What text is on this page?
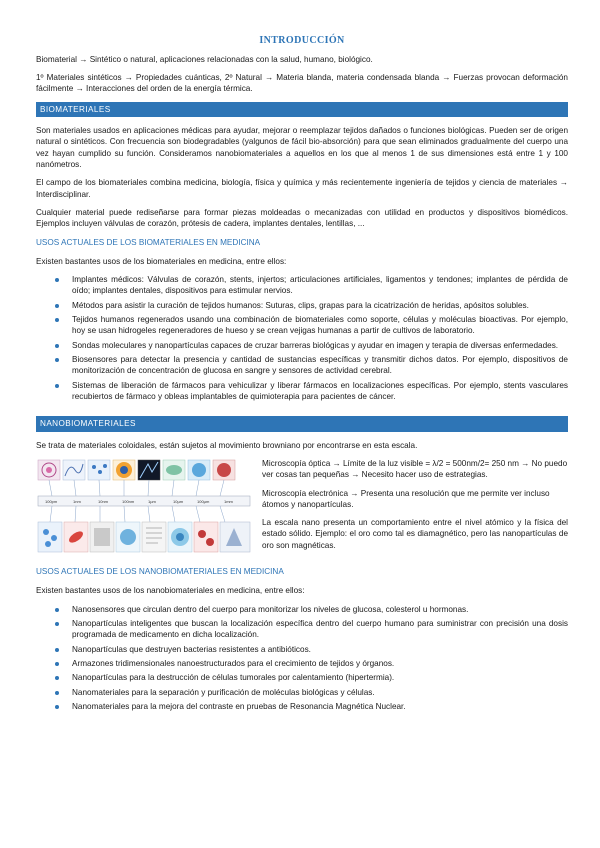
INTRODUCCIÓN

Biomaterial → Sintético o natural, aplicaciones relacionadas con la salud, humano, biológico.

1º Materiales sintéticos → Propiedades cuánticas, 2º Natural → Materia blanda, materia condensada blanda → Fuerzas provocan deformación fácilmente → Interacciones del orden de la energía térmica.

BIOMATERIALES

Son materiales usados en aplicaciones médicas para ayudar, mejorar o reemplazar tejidos dañados o funciones biológicas. Pueden ser de origen natural o sintéticos. Con frecuencia son biodegradables (yalgunos de fácil bio-absorción) para que sean eliminados gradualmente del cuerpo una vez hayan cumplido su función. Consideramos nanobiomateriales a aquellos en los que al menos 1 de sus dimensiones está entre 1 y 100 nanómetros.

El campo de los biomateriales combina medicina, biología, física y química y más recientemente ingeniería de tejidos y ciencia de materiales → Interdisciplinar.

Cualquier material puede rediseñarse para formar piezas moldeadas o mecanizadas con utilidad en productos y dispositivos biomédicos. Ejemplos incluyen válvulas de corazón, prótesis de cadera, implantes dentales, lentillas, ...

USOS ACTUALES DE LOS BIOMATERIALES EN MEDICINA

Existen bastantes usos de los biomateriales en medicina, entre ellos:

Implantes médicos: Válvulas de corazón, stents, injertos; articulaciones artificiales, ligamentos y tendones; implantes de pérdida de oído; implantes dentales, dispositivos para estimular nervios.
Métodos para asistir la curación de tejidos humanos: Suturas, clips, grapas para la cicatrización de heridas, apósitos solubles.
Tejidos humanos regenerados usando una combinación de biomateriales como soporte, células y moléculas bioactivas. Por ejemplo, hoy se usan hidrogeles regeneradores de hueso y se crean vejigas humanas a partir de cultivos de laboratorio.
Sondas moleculares y nanopartículas capaces de cruzar barreras biológicas y ayudar en imagen y terapia de diversas enfermedades.
Biosensores para detectar la presencia y cantidad de sustancias específicas y transmitir dichos datos. Por ejemplo, dispositivos de monitorización de concentración de glucosa en sangre y sensores de actividad cerebral.
Sistemas de liberación de fármacos para vehiculizar y liberar fármacos en localizaciones específicas. Por ejemplo, stents vasculares recubiertos de fármaco y obleas implantables de quimioterapia para pacientes de cáncer.
NANOBIOMATERIALES

Se trata de materiales coloidales, están sujetos al movimiento browniano por encontrarse en esta escala.

100pm	1nm	10nm	100nm	1µm	10µm	100µm	1mm

Microscopía óptica → Límite de la luz visible = λ/2 = 500nm/2= 250 nm → No puedo ver cosas tan pequeñas → Necesito hacer uso de estrategias.

Microscopía electrónica → Presenta una resolución que me permite ver incluso átomos y nanopartículas.

La escala nano presenta un comportamiento entre el nivel atómico y la física del estado sólido. Ejemplo: el oro como tal es diamagnético, pero las nanopartículas de oro son magnéticas.

USOS ACTUALES DE LOS NANOBIOMATERIALES EN MEDICINA

Existen bastantes usos de los nanobiomateriales en medicina, entre ellos:

Nanosensores que circulan dentro del cuerpo para monitorizar los niveles de glucosa, colesterol u hormonas.
Nanopartículas inteligentes que buscan la localización específica dentro del cuerpo humano para suministrar con precisión una dosis programada de medicamento en dicha localización.
Nanopartículas que destruyen bacterias resistentes a antibióticos.
Armazones tridimensionales nanoestructurados para el crecimiento de tejidos y órganos.
Nanopartículas para la destrucción de células tumorales por calentamiento (hipertermia).
Nanomateriales para la separación y purificación de moléculas biológicas y células.
Nanomateriales para la mejora del contraste en pruebas de Resonancia Magnética Nuclear.
